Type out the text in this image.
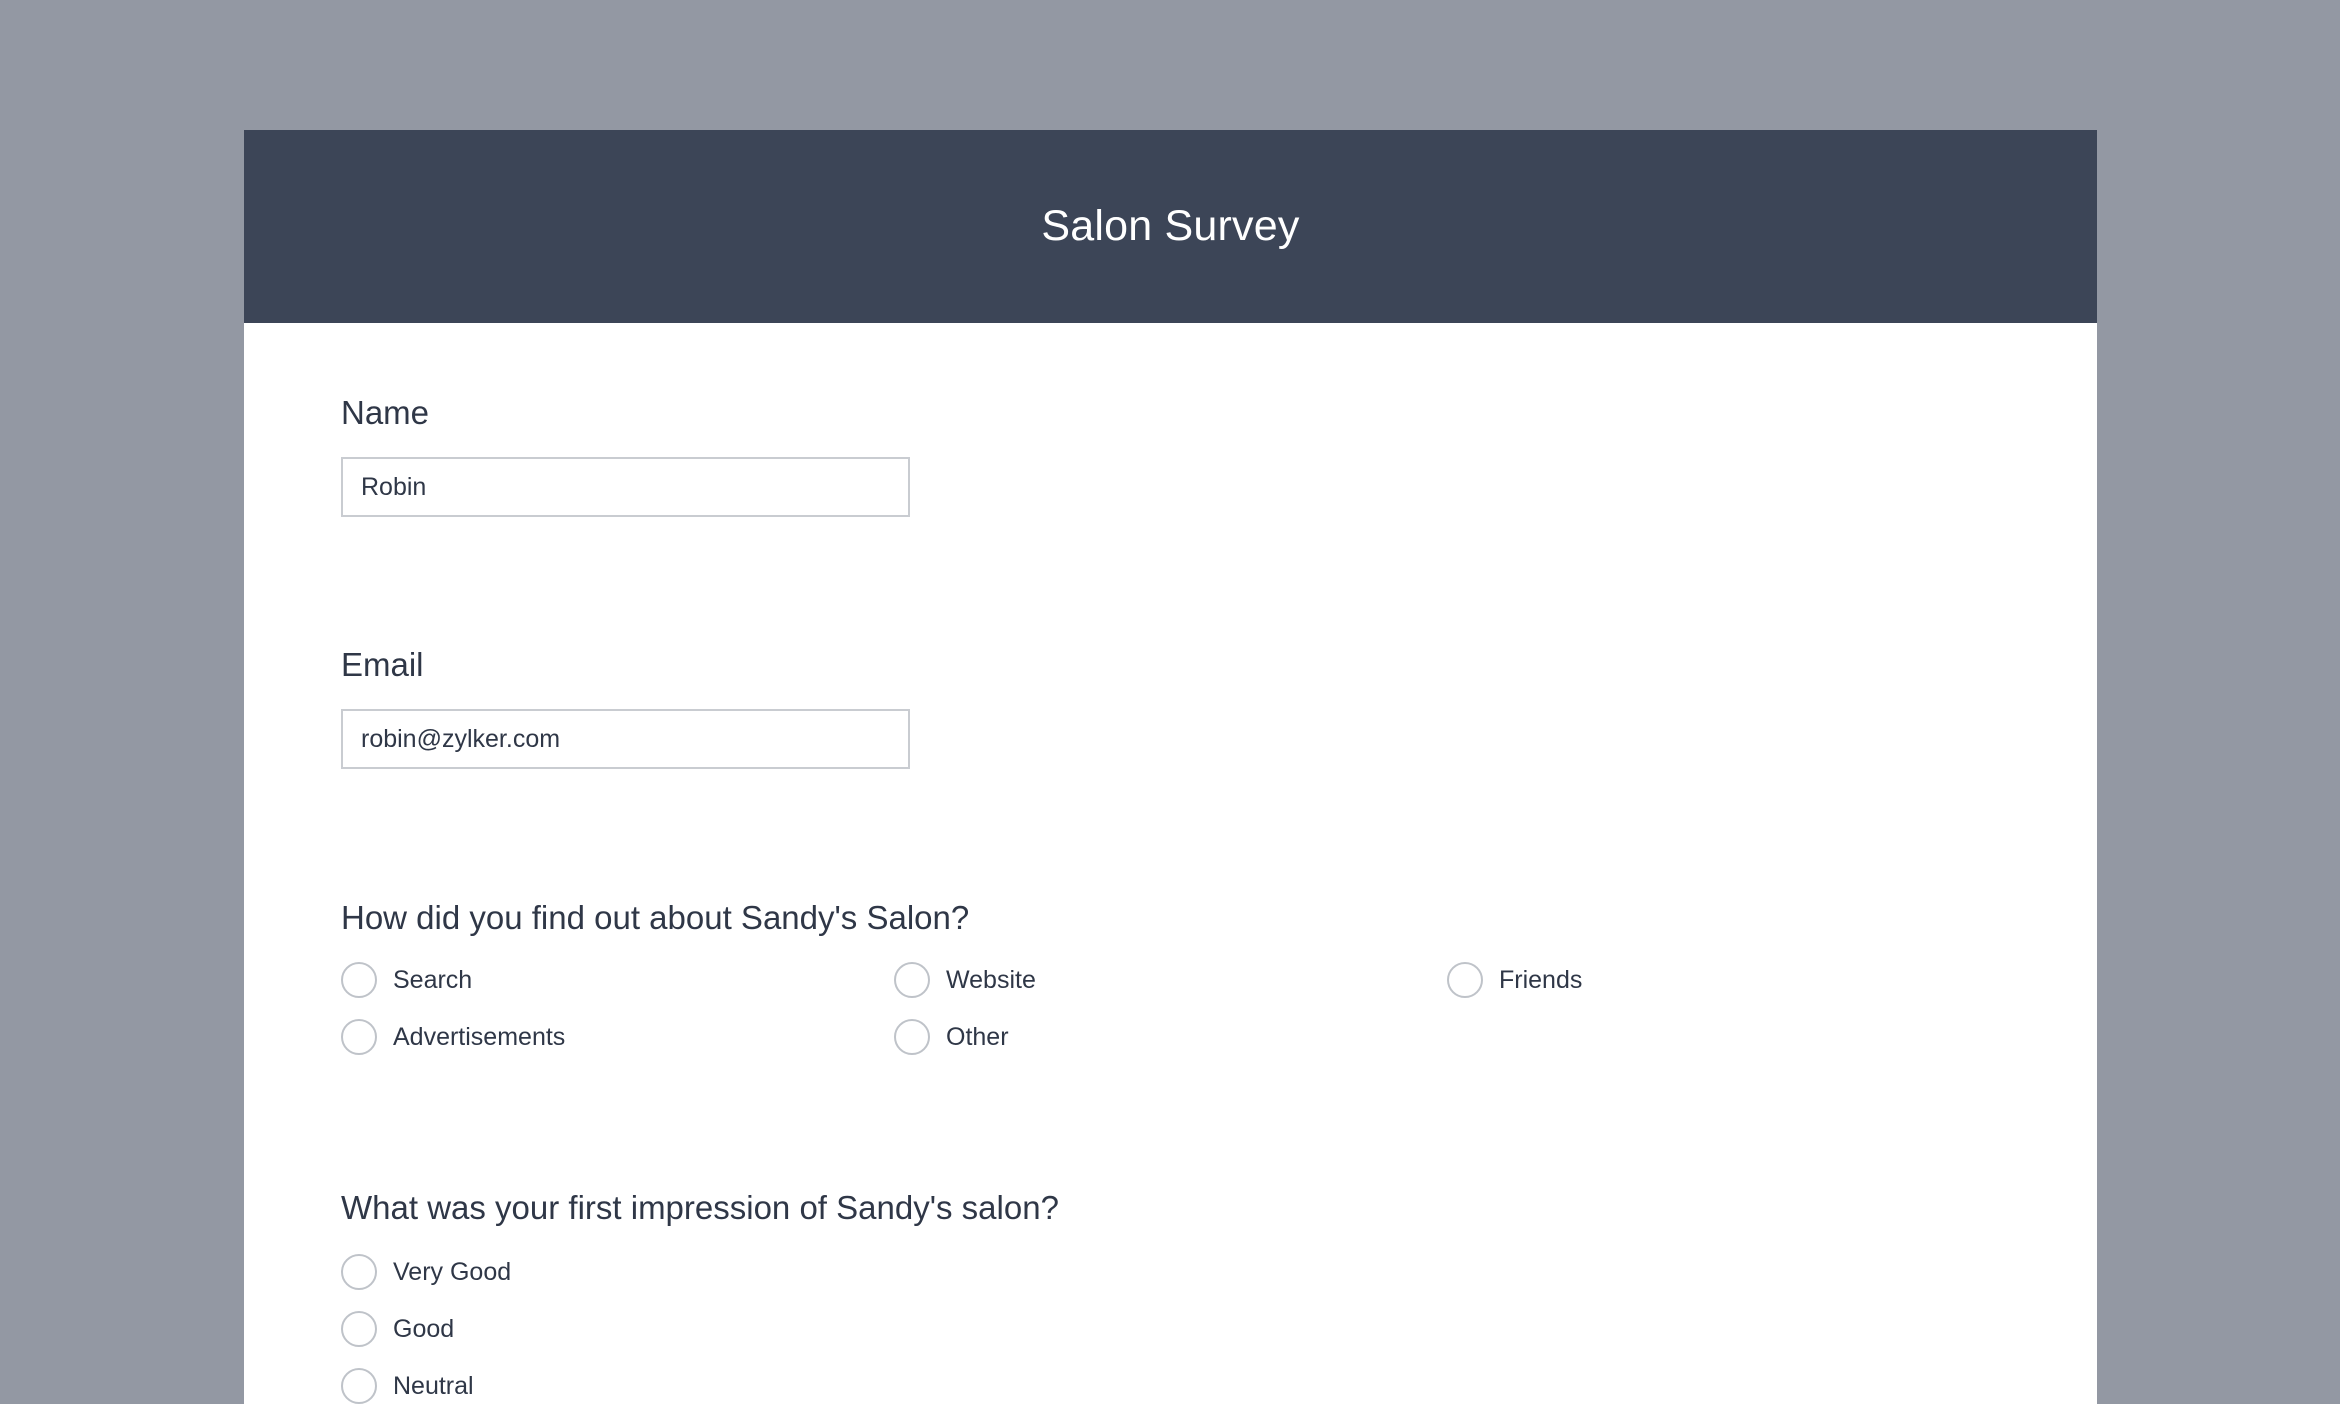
Salon Survey
Name
Robin
Email
robin@zylker.com
How did you find out about Sandy's Salon?
Search	Website	Friends
Advertisements	Other
What was your first impression of Sandy's salon?
Very Good
Good
Neutral
